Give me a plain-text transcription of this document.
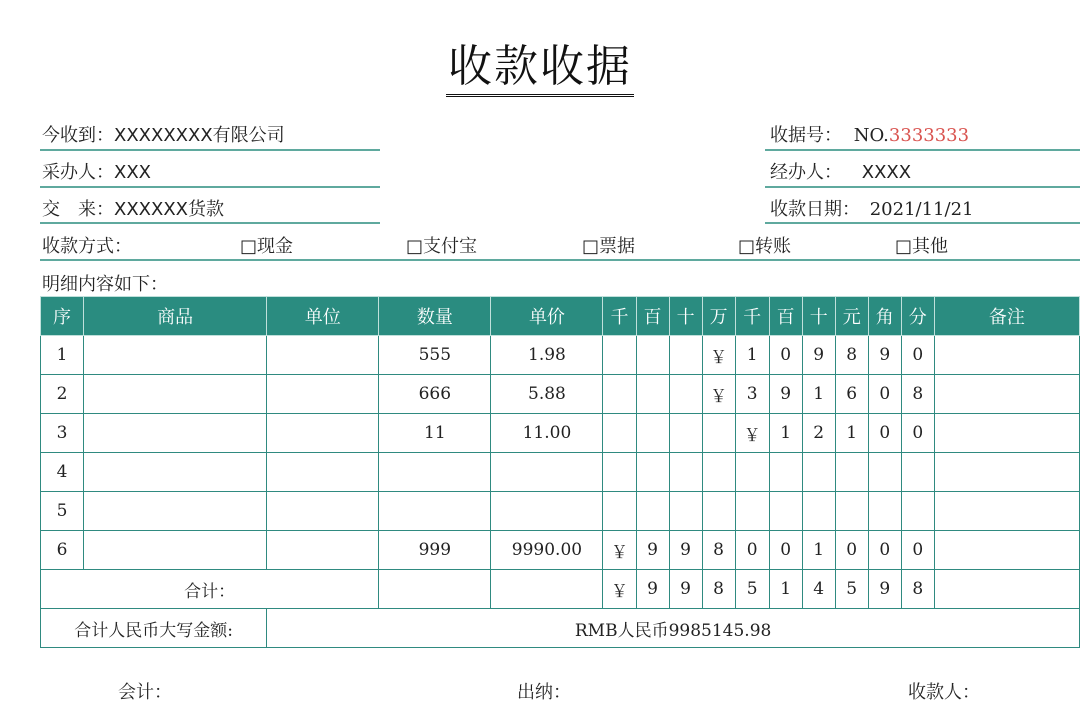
收款收据
今收到：XXXXXXXX有限公司
采办人：XXX
交　来：XXXXXX货款
收据号： NO.3333333
经办人： XXXX
收款日期： 2021/11/21
收款方式：	□现金	□支付宝	□票据	□转账	□其他
明细内容如下：
序	商品	单位	数量	单价	千	百	十	万	千	百	十	元	角	分	备注
1			555	1.98				￥	1	0	9	8	9	0	
2			666	5.88				￥	3	9	1	6	0	8	
3			11	11.00					￥	1	2	1	0	0	
4															
5															
6			999	9990.00	￥	9	9	8	0	0	1	0	0	0	
合计：					￥	9	9	8	5	1	4	5	9	8	
合计人民币大写金额:		RMB人民币9985145.98													
会计：	出纳：	收款人：
